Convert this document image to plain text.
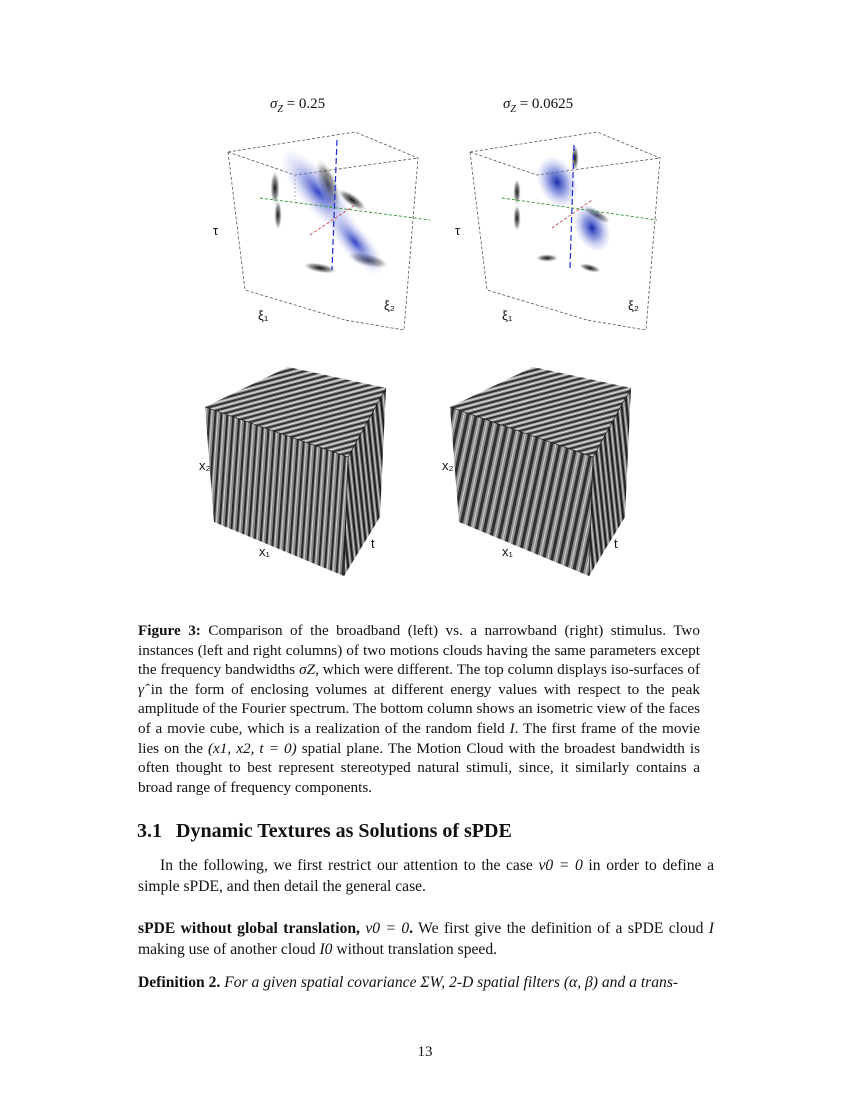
$\sigma_Z = 0.25$	$\sigma_Z = 0.0625$
τ
ξ₁
ξ₂
τ
ξ₁
ξ₂
x₂
x₁
t
x₂
x₁
t
Figure 3: Comparison of the broadband (left) vs. a narrowband (right) stimulus. Two instances (left and right columns) of two motions clouds having the same parameters except the frequency bandwidths σZ, which were different. The top column displays iso-surfaces of γ̂ in the form of enclosing volumes at different energy values with respect to the peak amplitude of the Fourier spectrum. The bottom column shows an isometric view of the faces of a movie cube, which is a realization of the random field I. The first frame of the movie lies on the (x1, x2, t = 0) spatial plane. The Motion Cloud with the broadest bandwidth is often thought to best represent stereotyped natural stimuli, since, it similarly contains a broad range of frequency components.
3.1 Dynamic Textures as Solutions of sPDE
In the following, we first restrict our attention to the case v0 = 0 in order to define a simple sPDE, and then detail the general case.
sPDE without global translation, v0 = 0. We first give the definition of a sPDE cloud I making use of another cloud I0 without translation speed.
Definition 2. For a given spatial covariance ΣW, 2-D spatial filters (α, β) and a trans-
13
